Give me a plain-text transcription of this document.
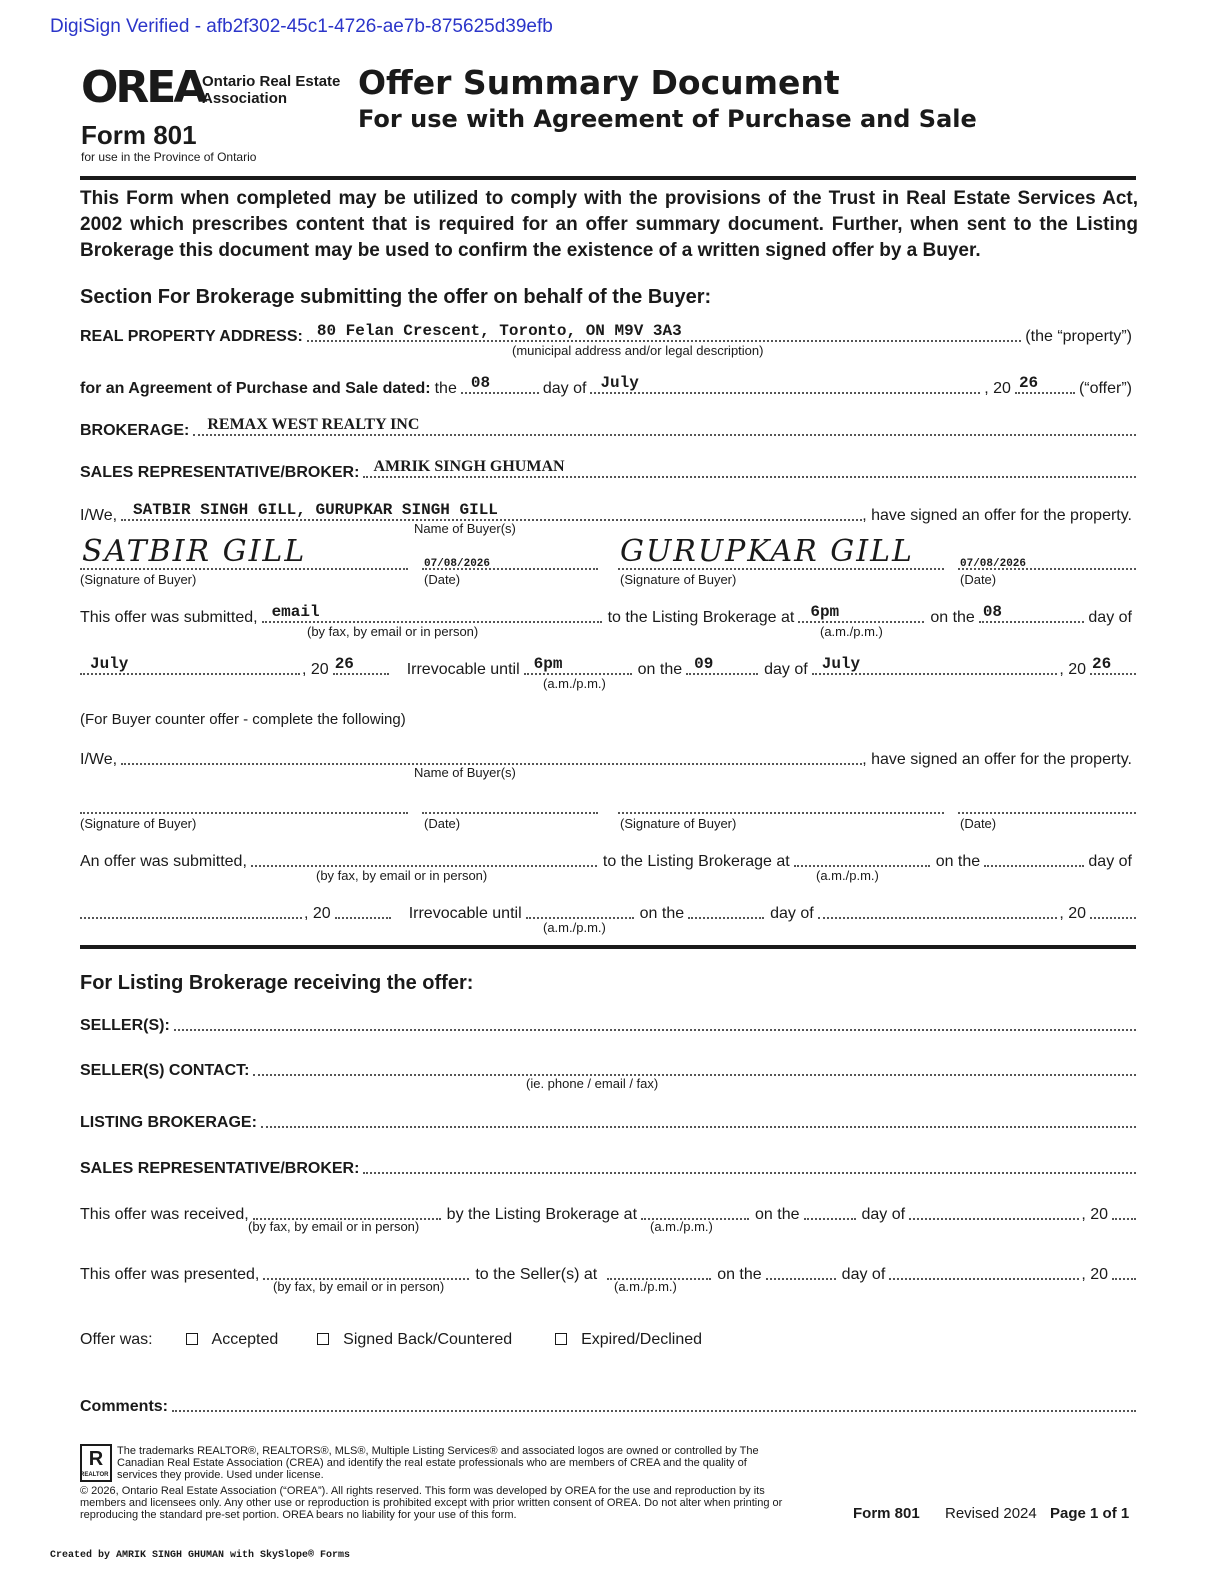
DigiSign Verified - afb2f302-45c1-4726-ae7b-875625d39efb
OREA
Ontario Real Estate
Association
Form 801
for use in the Province of Ontario
Offer Summary Document
For use with Agreement of Purchase and Sale
This Form when completed may be utilized to comply with the provisions of the Trust in Real Estate Services Act, 2002 which prescribes content that is required for an offer summary document. Further, when sent to the Listing Brokerage this document may be used to confirm the existence of a written signed offer by a Buyer.
Section For Brokerage submitting the offer on behalf of the Buyer:
REAL PROPERTY ADDRESS: 80 Felan Crescent, Toronto, ON M9V 3A3	(the “property”)
(municipal address and/or legal description)
for an Agreement of Purchase and Sale dated: the 08	day of July	, 20 26	(“offer”)
BROKERAGE: REMAX WEST REALTY INC
SALES REPRESENTATIVE/BROKER: AMRIK SINGH GHUMAN
I/We, SATBIR SINGH GILL, GURUPKAR SINGH GILL	, have signed an offer for the property.
Name of Buyer(s)
SATBIR GILL	07/08/2026	GURUPKAR GILL	07/08/2026
(Signature of Buyer)	(Date)	(Signature of Buyer)	(Date)
This offer was submitted, email	to the Listing Brokerage at 6pm	on the 08	day of
(by fax, by email or in person)	(a.m./p.m.)
July	, 20 26	Irrevocable until 6pm	on the 09	day of July	, 20 26
(a.m./p.m.)
(For Buyer counter offer - complete the following)
I/We,	, have signed an offer for the property.
Name of Buyer(s)
(Signature of Buyer)	(Date)	(Signature of Buyer)	(Date)
An offer was submitted,	to the Listing Brokerage at	on the	day of
(by fax, by email or in person)	(a.m./p.m.)
, 20	Irrevocable until	on the	day of	, 20
(a.m./p.m.)
For Listing Brokerage receiving the offer:
SELLER(S):
SELLER(S) CONTACT:
(ie. phone / email / fax)
LISTING BROKERAGE:
SALES REPRESENTATIVE/BROKER:
This offer was received,	by the Listing Brokerage at	on the	day of	, 20
(by fax, by email or in person)	(a.m./p.m.)
This offer was presented,	to the Seller(s) at	on the	day of	, 20
(by fax, by email or in person)	(a.m./p.m.)
Offer was:	Accepted	Signed Back/Countered	Expired/Declined
Comments:
R
REALTOR
The trademarks REALTOR®, REALTORS®, MLS®, Multiple Listing Services® and associated logos are owned or controlled by The Canadian Real Estate Association (CREA) and identify the real estate professionals who are members of CREA and the quality of services they provide. Used under license.
© 2026, Ontario Real Estate Association (“OREA”). All rights reserved. This form was developed by OREA for the use and reproduction by its members and licensees only. Any other use or reproduction is prohibited except with prior written consent of OREA. Do not alter when printing or reproducing the standard pre-set portion. OREA bears no liability for your use of this form.	Form 801 Revised 2024 Page 1 of 1
Created by AMRIK SINGH GHUMAN with SkySlope® Forms
